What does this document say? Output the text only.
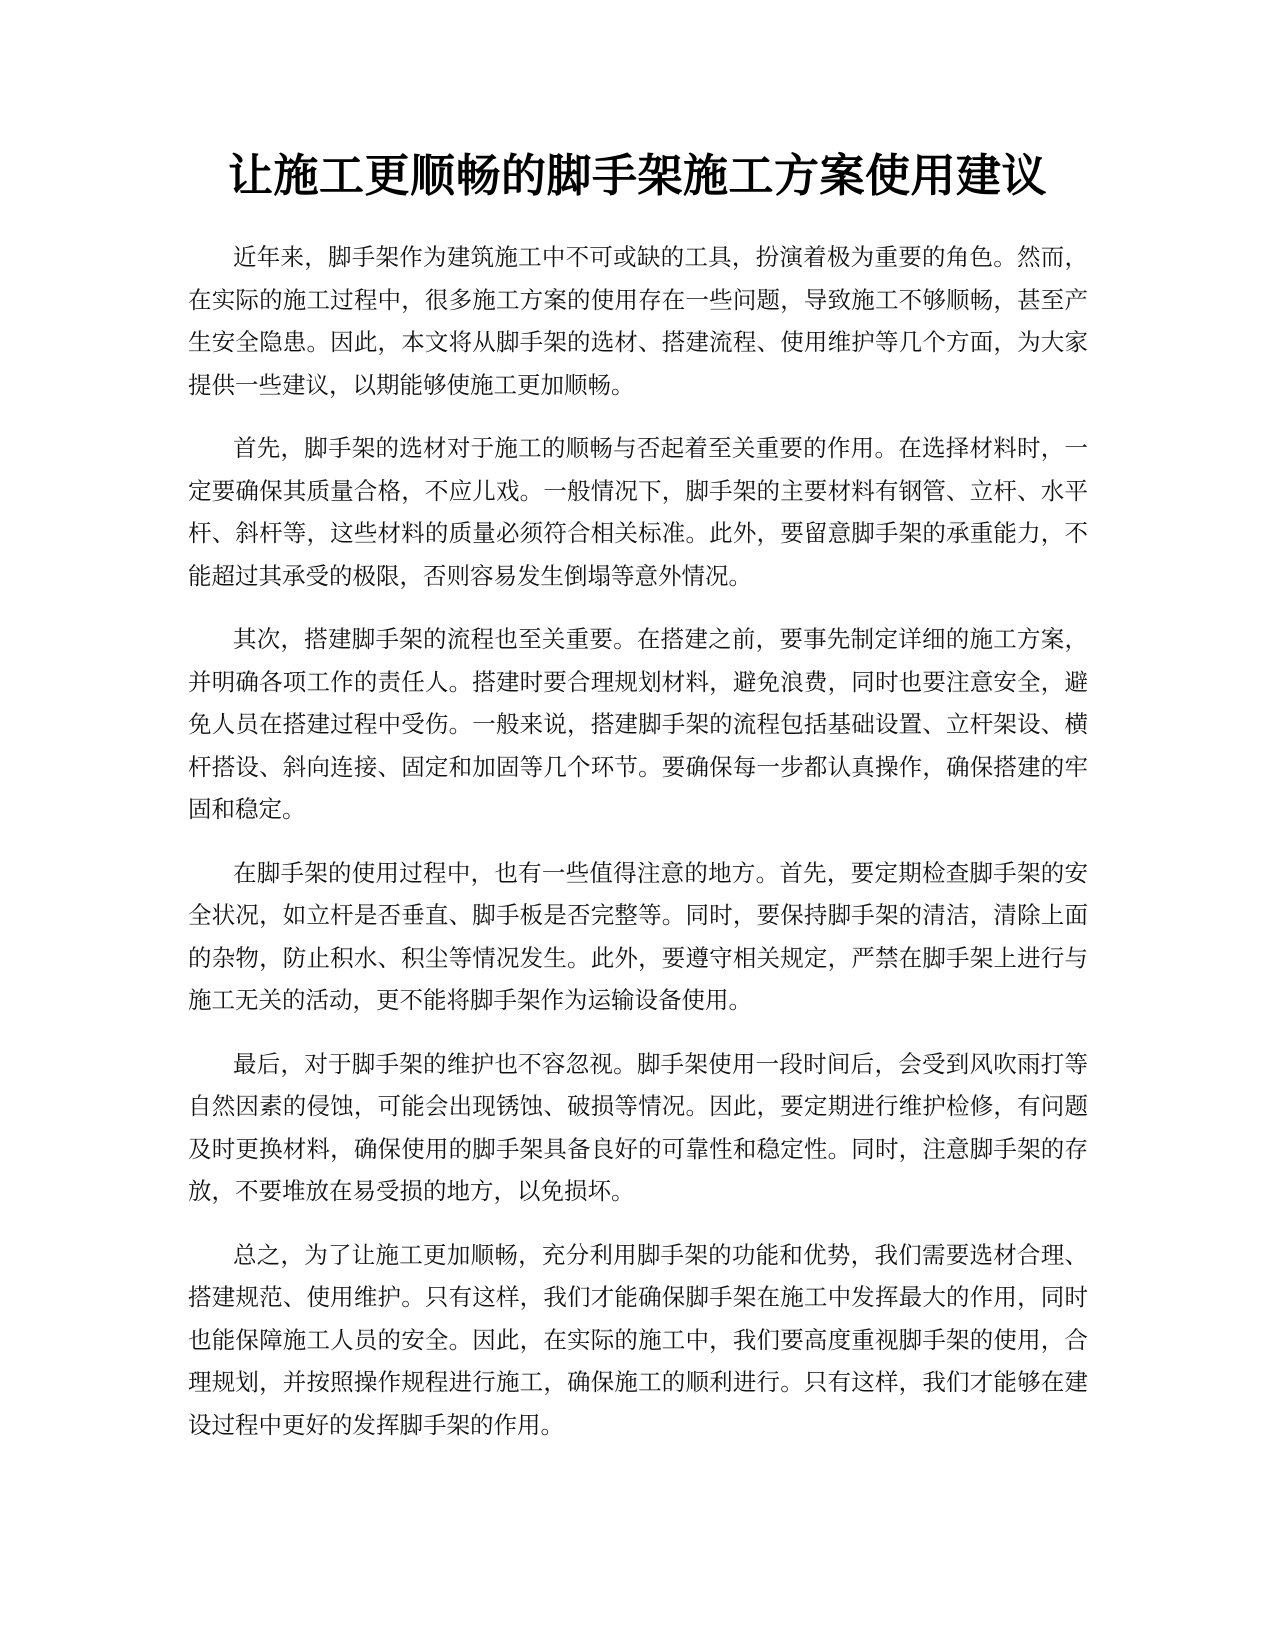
让施工更顺畅的脚手架施工方案使用建议

近年来，脚手架作为建筑施工中不可或缺的工具，扮演着极为重要的角色。然而，在实际的施工过程中，很多施工方案的使用存在一些问题，导致施工不够顺畅，甚至产生安全隐患。因此，本文将从脚手架的选材、搭建流程、使用维护等几个方面，为大家提供一些建议，以期能够使施工更加顺畅。

首先，脚手架的选材对于施工的顺畅与否起着至关重要的作用。在选择材料时，一定要确保其质量合格，不应儿戏。一般情况下，脚手架的主要材料有钢管、立杆、水平杆、斜杆等，这些材料的质量必须符合相关标准。此外，要留意脚手架的承重能力，不能超过其承受的极限，否则容易发生倒塌等意外情况。

其次，搭建脚手架的流程也至关重要。在搭建之前，要事先制定详细的施工方案，并明确各项工作的责任人。搭建时要合理规划材料，避免浪费，同时也要注意安全，避免人员在搭建过程中受伤。一般来说，搭建脚手架的流程包括基础设置、立杆架设、横杆搭设、斜向连接、固定和加固等几个环节。要确保每一步都认真操作，确保搭建的牢固和稳定。

在脚手架的使用过程中，也有一些值得注意的地方。首先，要定期检查脚手架的安全状况，如立杆是否垂直、脚手板是否完整等。同时，要保持脚手架的清洁，清除上面的杂物，防止积水、积尘等情况发生。此外，要遵守相关规定，严禁在脚手架上进行与施工无关的活动，更不能将脚手架作为运输设备使用。

最后，对于脚手架的维护也不容忽视。脚手架使用一段时间后，会受到风吹雨打等自然因素的侵蚀，可能会出现锈蚀、破损等情况。因此，要定期进行维护检修，有问题及时更换材料，确保使用的脚手架具备良好的可靠性和稳定性。同时，注意脚手架的存放，不要堆放在易受损的地方，以免损坏。

总之，为了让施工更加顺畅，充分利用脚手架的功能和优势，我们需要选材合理、搭建规范、使用维护。只有这样，我们才能确保脚手架在施工中发挥最大的作用，同时也能保障施工人员的安全。因此，在实际的施工中，我们要高度重视脚手架的使用，合理规划，并按照操作规程进行施工，确保施工的顺利进行。只有这样，我们才能够在建设过程中更好的发挥脚手架的作用。
